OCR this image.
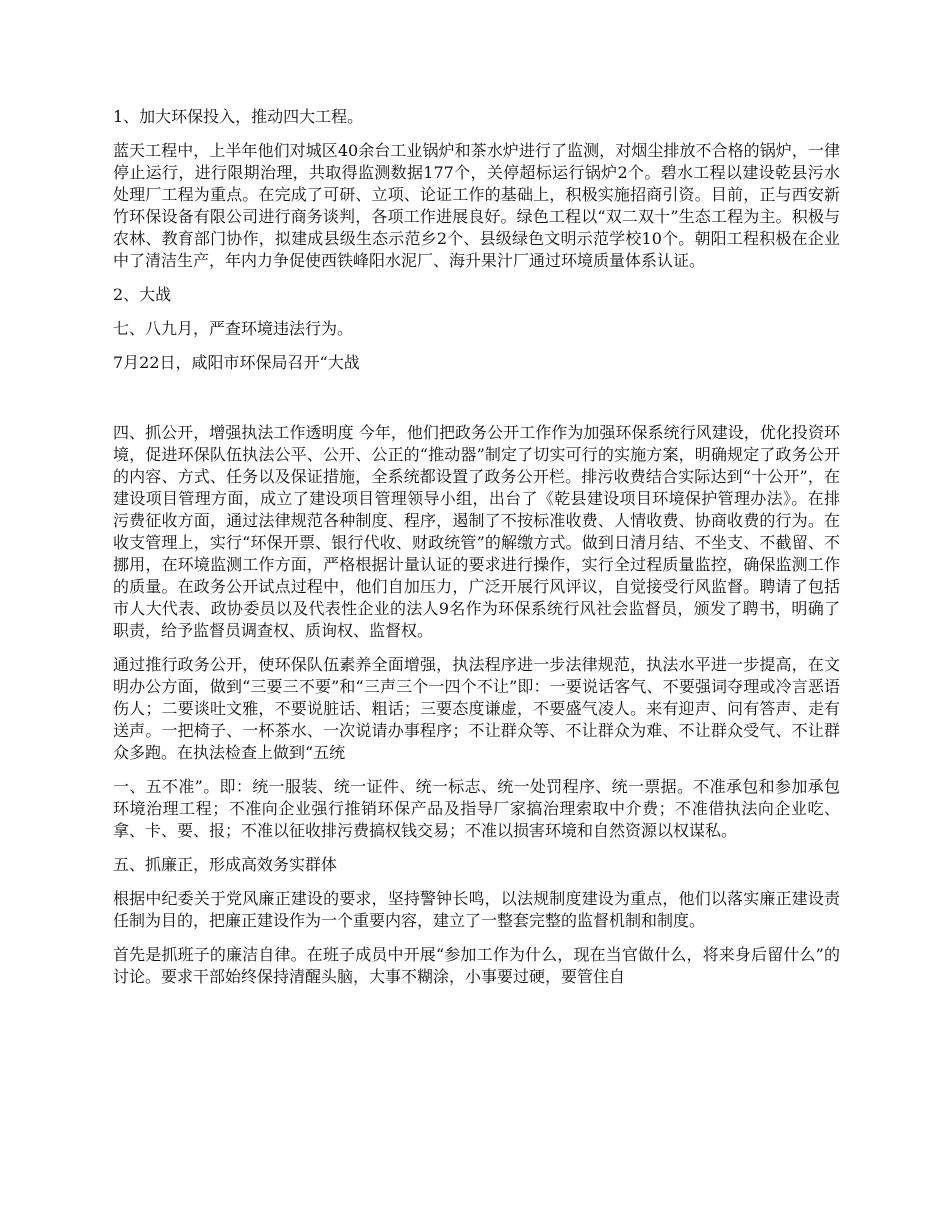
1、加大环保投入，推动四大工程。

蓝天工程中，上半年他们对城区40余台工业锅炉和茶水炉进行了监测，对烟尘排放不合格的锅炉，一律停止运行，进行限期治理，共取得监测数据177个，关停超标运行锅炉2个。碧水工程以建设乾县污水处理厂工程为重点。在完成了可研、立项、论证工作的基础上，积极实施招商引资。目前，正与西安新竹环保设备有限公司进行商务谈判，各项工作进展良好。绿色工程以“双二双十”生态工程为主。积极与农林、教育部门协作，拟建成县级生态示范乡2个、县级绿色文明示范学校10个。朝阳工程积极在企业中了清洁生产，年内力争促使西铁峰阳水泥厂、海升果汁厂通过环境质量体系认证。

2、大战

七、八九月，严查环境违法行为。

7月22日，咸阳市环保局召开“大战

四、抓公开，增强执法工作透明度 今年，他们把政务公开工作作为加强环保系统行风建设，优化投资环境，促进环保队伍执法公平、公开、公正的“推动器”制定了切实可行的实施方案，明确规定了政务公开的内容、方式、任务以及保证措施，全系统都设置了政务公开栏。排污收费结合实际达到“十公开”，在建设项目管理方面，成立了建设项目管理领导小组，出台了《乾县建设项目环境保护管理办法》。在排污费征收方面，通过法律规范各种制度、程序，遏制了不按标准收费、人情收费、协商收费的行为。在收支管理上，实行“环保开票、银行代收、财政统管”的解缴方式。做到日清月结、不坐支、不截留、不挪用，在环境监测工作方面，严格根据计量认证的要求进行操作，实行全过程质量监控，确保监测工作的质量。在政务公开试点过程中，他们自加压力，广泛开展行风评议，自觉接受行风监督。聘请了包括市人大代表、政协委员以及代表性企业的法人9名作为环保系统行风社会监督员，颁发了聘书，明确了职责，给予监督员调查权、质询权、监督权。

通过推行政务公开，使环保队伍素养全面增强，执法程序进一步法律规范，执法水平进一步提高，在文明办公方面，做到“三要三不要”和“三声三个一四个不让”即：一要说话客气、不要强词夺理或冷言恶语伤人；二要谈吐文雅，不要说脏话、粗话；三要态度谦虚，不要盛气凌人。来有迎声、问有答声、走有送声。一把椅子、一杯茶水、一次说请办事程序；不让群众等、不让群众为难、不让群众受气、不让群众多跑。在执法检查上做到“五统

一、五不准”。即：统一服装、统一证件、统一标志、统一处罚程序、统一票据。不准承包和参加承包环境治理工程；不准向企业强行推销环保产品及指导厂家搞治理索取中介费；不准借执法向企业吃、拿、卡、要、报；不准以征收排污费搞权钱交易；不准以损害环境和自然资源以权谋私。

五、抓廉正，形成高效务实群体

根据中纪委关于党风廉正建设的要求，坚持警钟长鸣，以法规制度建设为重点，他们以落实廉正建设责任制为目的，把廉正建设作为一个重要内容，建立了一整套完整的监督机制和制度。

首先是抓班子的廉洁自律。在班子成员中开展“参加工作为什么，现在当官做什么，将来身后留什么”的讨论。要求干部始终保持清醒头脑，大事不糊涂，小事要过硬，要管住自
